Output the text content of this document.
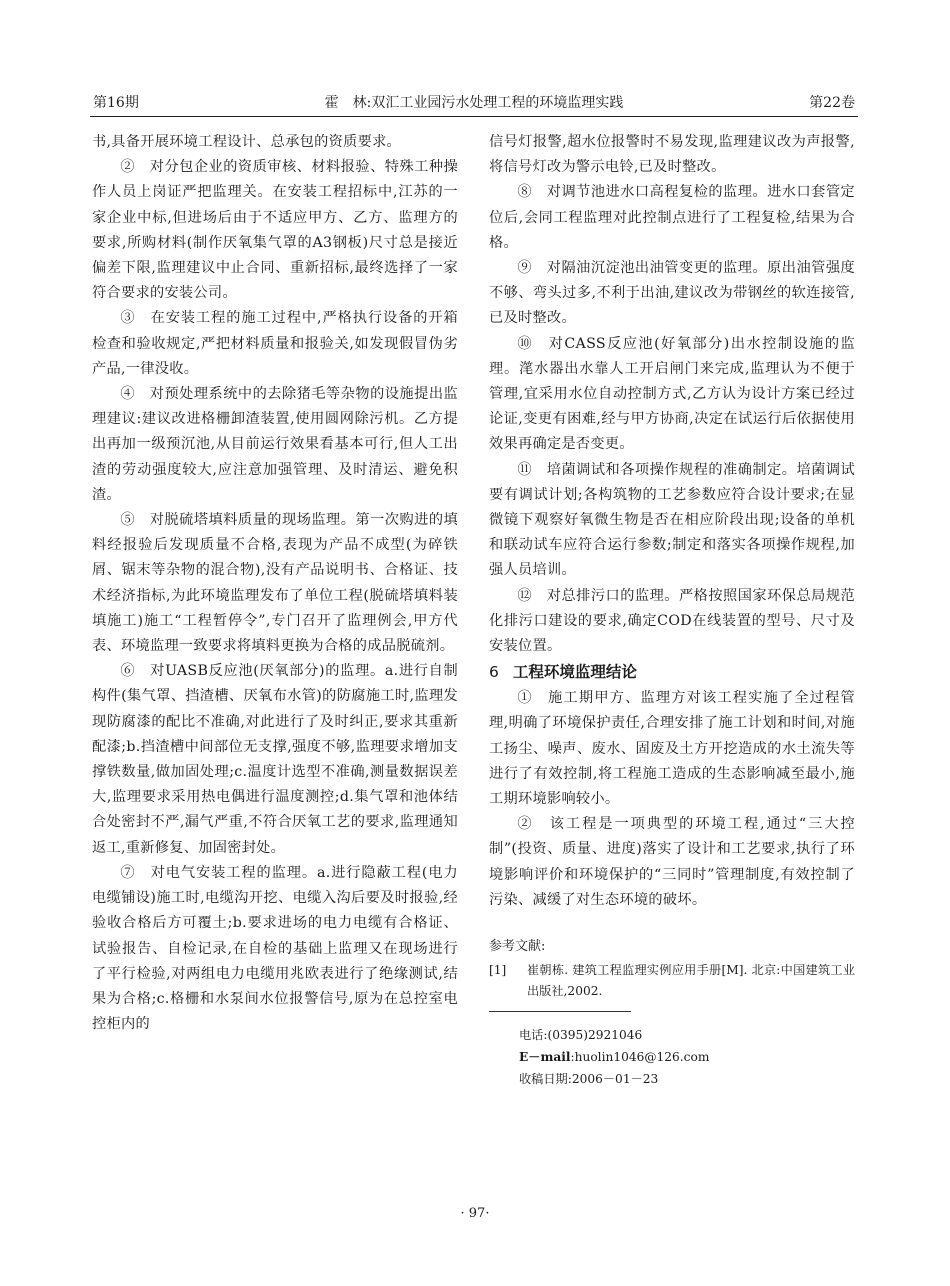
第16期	霍　林:双汇工业园污水处理工程的环境监理实践	第22卷

书,具备开展环境工程设计、总承包的资质要求。

②　对分包企业的资质审核、材料报验、特殊工种操作人员上岗证严把监理关。在安装工程招标中,江苏的一家企业中标,但进场后由于不适应甲方、乙方、监理方的要求,所购材料(制作厌氧集气罩的A3钢板)尺寸总是接近偏差下限,监理建议中止合同、重新招标,最终选择了一家符合要求的安装公司。

③　在安装工程的施工过程中,严格执行设备的开箱检查和验收规定,严把材料质量和报验关,如发现假冒伪劣产品,一律没收。

④　对预处理系统中的去除猪毛等杂物的设施提出监理建议:建议改进格栅卸渣装置,使用圆网除污机。乙方提出再加一级预沉池,从目前运行效果看基本可行,但人工出渣的劳动强度较大,应注意加强管理、及时清运、避免积渣。

⑤　对脱硫塔填料质量的现场监理。第一次购进的填料经报验后发现质量不合格,表现为产品不成型(为碎铁屑、锯末等杂物的混合物),没有产品说明书、合格证、技术经济指标,为此环境监理发布了单位工程(脱硫塔填料装填施工)施工“工程暂停令”,专门召开了监理例会,甲方代表、环境监理一致要求将填料更换为合格的成品脱硫剂。

⑥　对UASB反应池(厌氧部分)的监理。a.进行自制构件(集气罩、挡渣槽、厌氧布水管)的防腐施工时,监理发现防腐漆的配比不准确,对此进行了及时纠正,要求其重新配漆;b.挡渣槽中间部位无支撑,强度不够,监理要求增加支撑铁数量,做加固处理;c.温度计选型不准确,测量数据误差大,监理要求采用热电偶进行温度测控;d.集气罩和池体结合处密封不严,漏气严重,不符合厌氧工艺的要求,监理通知返工,重新修复、加固密封处。

⑦　对电气安装工程的监理。a.进行隐蔽工程(电力电缆铺设)施工时,电缆沟开挖、电缆入沟后要及时报验,经验收合格后方可覆土;b.要求进场的电力电缆有合格证、试验报告、自检记录,在自检的基础上监理又在现场进行了平行检验,对两组电力电缆用兆欧表进行了绝缘测试,结果为合格;c.格栅和水泵间水位报警信号,原为在总控室电控柜内的

信号灯报警,超水位报警时不易发现,监理建议改为声报警,将信号灯改为警示电铃,已及时整改。

⑧　对调节池进水口高程复检的监理。进水口套管定位后,会同工程监理对此控制点进行了工程复检,结果为合格。

⑨　对隔油沉淀池出油管变更的监理。原出油管强度不够、弯头过多,不利于出油,建议改为带钢丝的软连接管,已及时整改。

⑩　对CASS反应池(好氧部分)出水控制设施的监理。滗水器出水靠人工开启闸门来完成,监理认为不便于管理,宜采用水位自动控制方式,乙方认为设计方案已经过论证,变更有困难,经与甲方协商,决定在试运行后依据使用效果再确定是否变更。

⑪　培菌调试和各项操作规程的准确制定。培菌调试要有调试计划;各构筑物的工艺参数应符合设计要求;在显微镜下观察好氧微生物是否在相应阶段出现;设备的单机和联动试车应符合运行参数;制定和落实各项操作规程,加强人员培训。

⑫　对总排污口的监理。严格按照国家环保总局规范化排污口建设的要求,确定COD在线装置的型号、尺寸及安装位置。

6 工程环境监理结论

①　施工期甲方、监理方对该工程实施了全过程管理,明确了环境保护责任,合理安排了施工计划和时间,对施工扬尘、噪声、废水、固废及土方开挖造成的水土流失等进行了有效控制,将工程施工造成的生态影响减至最小,施工期环境影响较小。

②　该工程是一项典型的环境工程,通过“三大控制”(投资、质量、进度)落实了设计和工艺要求,执行了环境影响评价和环境保护的“三同时”管理制度,有效控制了污染、减缓了对生态环境的破坏。

参考文献:
[1]	崔朝栋. 建筑工程监理实例应用手册[M]. 北京:中国建筑工业出版社,2002.
电话:(0395)2921046
E－mail:huolin1046@126.com
收稿日期:2006－01－23
· 97·
